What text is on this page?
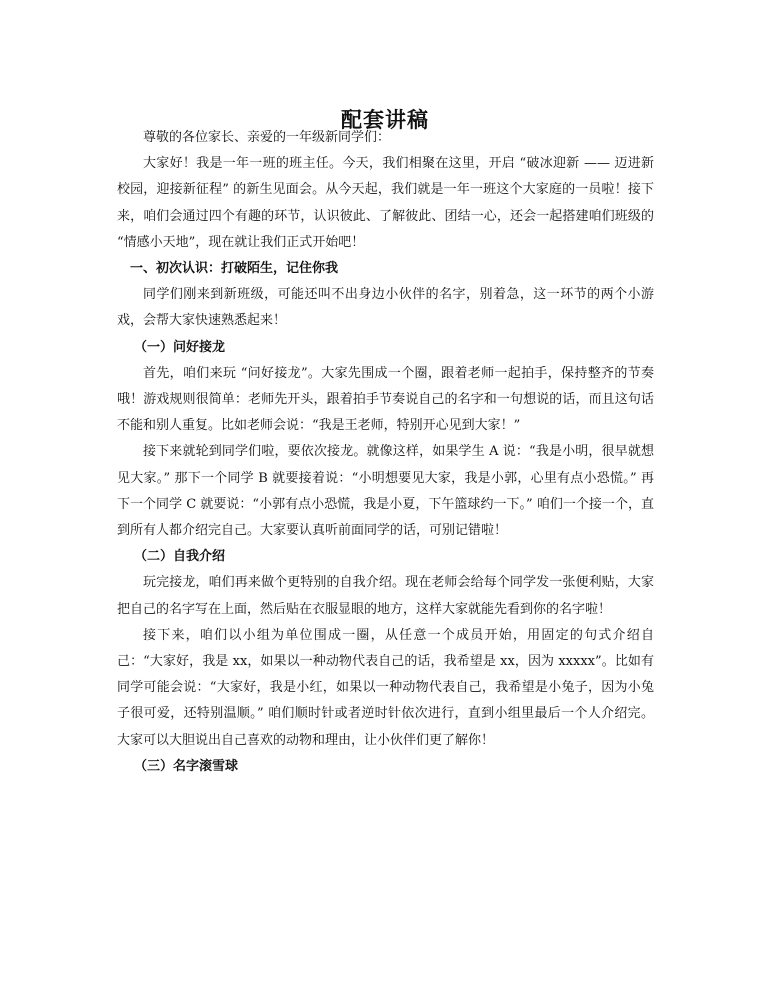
配套讲稿

尊敬的各位家长、亲爱的一年级新同学们：

大家好！我是一年一班的班主任。今天，我们相聚在这里，开启 “破冰迎新 —— 迈进新校园，迎接新征程” 的新生见面会。从今天起，我们就是一年一班这个大家庭的一员啦！接下来，咱们会通过四个有趣的环节，认识彼此、了解彼此、团结一心，还会一起搭建咱们班级的 “情感小天地”，现在就让我们正式开始吧！

一、初次认识：打破陌生，记住你我

同学们刚来到新班级，可能还叫不出身边小伙伴的名字，别着急，这一环节的两个小游戏，会帮大家快速熟悉起来！

（一）问好接龙

首先，咱们来玩 “问好接龙”。大家先围成一个圈，跟着老师一起拍手，保持整齐的节奏哦！游戏规则很简单：老师先开头，跟着拍手节奏说自己的名字和一句想说的话，而且这句话不能和别人重复。比如老师会说：“我是王老师，特别开心见到大家！”

接下来就轮到同学们啦，要依次接龙。就像这样，如果学生 A 说：“我是小明，很早就想见大家。” 那下一个同学 B 就要接着说：“小明想要见大家，我是小郭，心里有点小恐慌。” 再下一个同学 C 就要说：“小郭有点小恐慌，我是小夏，下午篮球约一下。” 咱们一个接一个，直到所有人都介绍完自己。大家要认真听前面同学的话，可别记错啦！

（二）自我介绍

玩完接龙，咱们再来做个更特别的自我介绍。现在老师会给每个同学发一张便利贴，大家把自己的名字写在上面，然后贴在衣服显眼的地方，这样大家就能先看到你的名字啦！

接下来，咱们以小组为单位围成一圈，从任意一个成员开始，用固定的句式介绍自己：“大家好，我是 xx，如果以一种动物代表自己的话，我希望是 xx，因为 xxxxx”。比如有同学可能会说：“大家好，我是小红，如果以一种动物代表自己，我希望是小兔子，因为小兔子很可爱，还特别温顺。” 咱们顺时针或者逆时针依次进行，直到小组里最后一个人介绍完。大家可以大胆说出自己喜欢的动物和理由，让小伙伴们更了解你！

（三）名字滚雪球
